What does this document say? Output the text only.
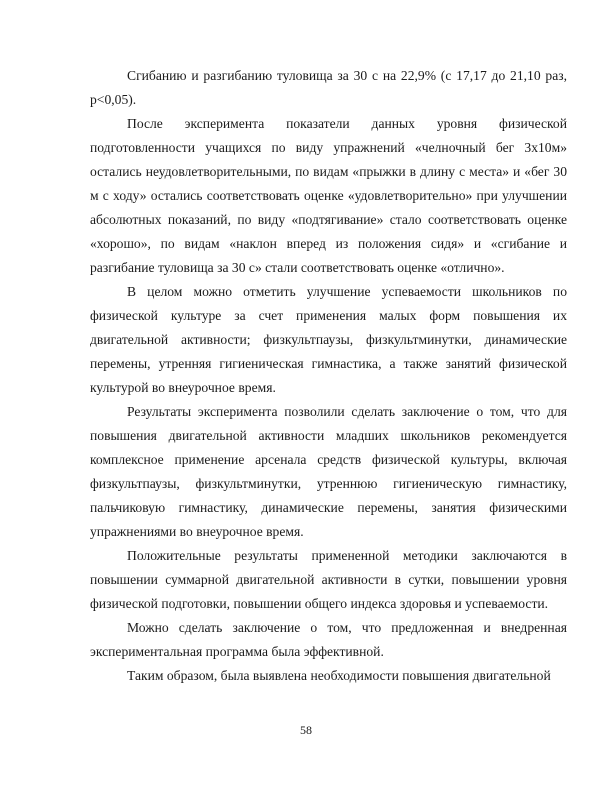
Сгибанию и разгибанию туловища за 30 с на 22,9% (с 17,17 до 21,10 раз, р<0,05).

После эксперимента показатели данных уровня физической подготовленности учащихся по виду упражнений «челночный бег 3х10м» остались неудовлетворительными, по видам «прыжки в длину с места» и «бег 30 м с ходу» остались соответствовать оценке «удовлетворительно» при улучшении абсолютных показаний, по виду «подтягивание» стало соответствовать оценке «хорошо», по видам «наклон вперед из положения сидя» и «сгибание и разгибание туловища за 30 с» стали соответствовать оценке «отлично».

В целом можно отметить улучшение успеваемости школьников по физической культуре за счет применения малых форм повышения их двигательной активности; физкультпаузы, физкультминутки, динамические перемены, утренняя гигиеническая гимнастика, а также занятий физической культурой во внеурочное время.

Результаты эксперимента позволили сделать заключение о том, что для повышения двигательной активности младших школьников рекомендуется комплексное применение арсенала средств физической культуры, включая физкультпаузы, физкультминутки, утреннюю гигиеническую гимнастику, пальчиковую гимнастику, динамические перемены, занятия физическими упражнениями во внеурочное время.

Положительные результаты примененной методики заключаются в повышении суммарной двигательной активности в сутки, повышении уровня физической подготовки, повышении общего индекса здоровья и успеваемости.

Можно сделать заключение о том, что предложенная и внедренная экспериментальная программа была эффективной.

Таким образом, была выявлена необходимости повышения двигательной

58
